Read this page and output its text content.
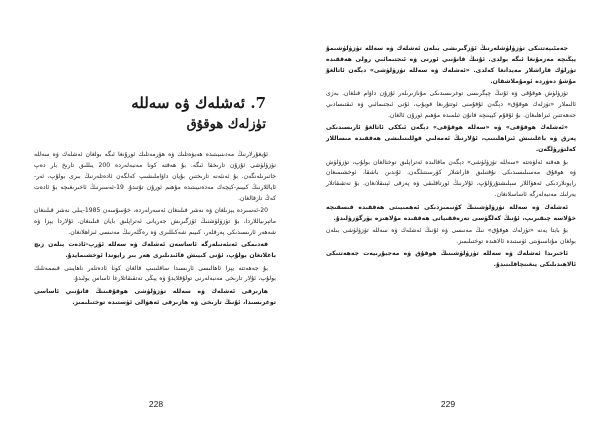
7. ئەشلەك ۋە سەللە

تۈزلەك ھوقۇق

ئۇيغۇرلارنىڭ مەدىنىيىتىدە ھەيۋەتلىك ۋە ھۆرمەتلىك ئورۇنغا ئىگە بولغان ئەشلەك ۋە سەللە تۈزۈلۈشى ئۇزۇن تارىخقا ئىگە. بۇ ھەقتە كونا مەنبەلەردە 200 يىللىق تارىخ بار دەپ خاتىرىلەنگەن. بۇ ئەنئەنە تارىختىن بۇيان داۋاملىشىپ كەلگەن ئادەتلەرنىڭ بىرى بولۇپ، ئەر-ئاياللارنىڭ كىيىم-كېچەك مەدەنىيىتىدە مۇھىم ئورۇن تۇتىدۇ. 19-ئەسىرنىڭ ئاخىرىغىچە بۇ ئادەت كەڭ تارقالغان.

20-ئەسىردە يېزىلغان ۋە نەشر قىلىنغان ئەسەرلەردە، خۇسۇسەن 1985-يىلى نەشر قىلىنغان ماتېرىياللاردا، بۇ تۈزۈلۈشنىڭ ئۆزگىرىش جەريانى ئەتراپلىق بايان قىلىنغان. ئۇلاردا يېزا ۋە شەھەر ئارىسىدىكى پەرقلەر، كىيىم شەكىللىرى ۋە رەڭلەرنىڭ مەنىسى ئىزاھلانغان.

قەدىمكى ئەنئەنىلەرگە ئاساسەن ئەشلەك ۋە سەللە ئۆرپ-ئادەت بىلەن زىچ باغلانغان بولۇپ، ئۇنى كىيىش قائىدىلىرى ھەر بىر رايوندا ئوخشىمايدۇ.

بۇ جەھەتتە يېزا ئاھالىسى ئارىسىدا ساقلىنىپ قالغان كونا ئادەتلەر ناھايىتى قىممەتلىك بولۇپ، ئۇلار تارىخى مەنبەلەرنى تولۇقلايدۇ ۋە يېڭى تەتقىقاتلارغا ئاساس بولىدۇ.

ھازىرقى ئەشلەك ۋە سەللە تۈزۈلۈشى ھوقۇقىنىڭ قانۇنىي ئاساسى توغرىسىدا، ئۇنىڭ تارىخى ۋە ھازىرقى ئەھۋالى ئۈستىدە توختىلىمىز.

228

جەمئىيەتتىكى تۈزۈلۈشلەرنىڭ ئۆزگىرىشى بىلەن ئەشلەك ۋە سەللە تۈزۈلۈشىمۇ يېڭىچە مەزمۇنغا ئىگە بولدى. ئۇنىڭ قانۇنىي ئورنى ۋە ئىجتىمائىي رولى ھەققىدە تۈرلۈك قاراشلار مەيدانغا كەلدى. «ئەشلەك ۋە سەللە تۈزۈلۈشى» دېگەن ئاتالغۇ مۇشۇ دەۋردە ئومۇملاشقان.

تۈزۈلۈش ھوقۇقى ۋە ئۇنىڭ چېگرىسى توغرىسىدىكى مۇنازىرىلەر ئۇزۇن داۋام قىلغان. بەزى ئالىملار «تۈزلەك ھوقۇق» دېگەن ئۇقۇمنى ئوتتۇرىغا قويۇپ، ئۇنى ئىجتىمائىي ۋە ئىقتىسادىي جەھەتتىن ئىزاھلىغان. بۇ ئۇقۇم كېيىنچە قانۇن ئىلمىدە مۇھىم ئورۇن ئالغان.

«ئەشلەك ھوقۇقى» ۋە «سەللە ھوقۇقى» دېگەن ئىككى ئاتالغۇ ئارىسىدىكى پەرق ۋە باغلىنىش ئىزاھلىنىپ، ئۇلارنىڭ ئەمەلىي قوللىنىلىشى ھەققىدە مىساللار كەلتۈرۈلگەن.

بۇ ھەقتە ئەلۋەتتە «سەللە تۈزۈلۈشى» دېگەن ماقالىدە ئەتراپلىق توختالغان بولۇپ، تۈزۈلۈش ۋە ھوقۇق مەسىلىسىدىكى نۇقتىلىق قاراشلار كۆرسىتىلگەن. ئۇندىن باشقا، ئوخشىمىغان رايونلاردىكى ئەھۋاللار سېلىشتۇرۇلۇپ، ئۇلارنىڭ ئورتاقلىقى ۋە پەرقى ئېنىقلانغان. بۇ تەتقىقاتلار يەرلىك مەنبەلەرگە ئاساسلانغان.

ئەشلەك ۋە سەللە تۈزۈلۈشىنىڭ كۈنىمىزدىكى ئەھمىيىتى ھەققىدە قىسقىچە خۇلاسە چىقىرىپ، ئۇنىڭ كەلگۈسى تەرەققىياتى ھەققىدە مۇلاھىزە يۈرگۈزۈلىدۇ.

بۇ بابتا يەنە «تۈزلەك ھوقۇق» نىڭ مەنىسى ۋە ئۇنىڭ ئەشلەك ۋە سەللە تۈزۈلۈشى بىلەن بولغان مۇناسىۋىتى ئۈستىدە ئالاھىدە توختىلىمىز.

ئاخىرىدا ئەشلەك ۋە سەللە تۈزۈلۈشىنىڭ ھوقۇق ۋە مەجبۇرىيەت جەھەتتىكى ئالاھىدىلىكى يىغىنچاقلىنىدۇ.

229
